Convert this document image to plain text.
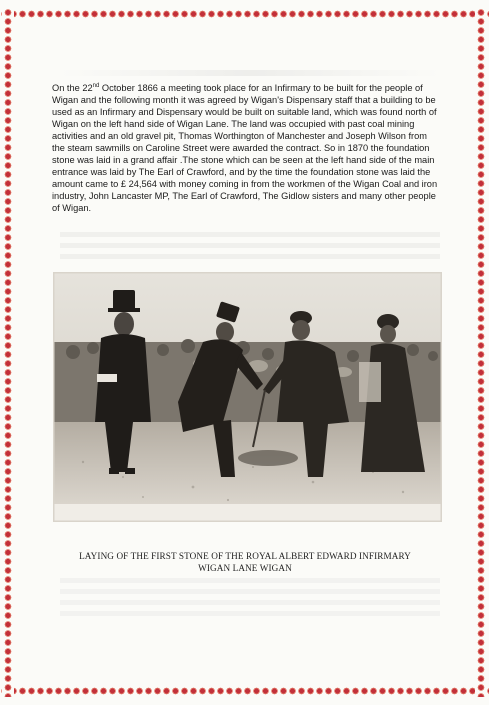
On the 22nd October 1866 a meeting took place for an Infirmary to be built for the people of Wigan and the following month it was agreed by Wigan's Dispensary staff that a building to be used as an Infirmary and Dispensary would be built on suitable land, which was found north of Wigan on the left hand side of Wigan Lane. The land was occupied with past coal mining activities and an old gravel pit, Thomas Worthington of Manchester and Joseph Wilson from the steam sawmills on Caroline Street were awarded the contract. So in 1870 the foundation stone was laid in a grand affair .The stone which can be seen at the left hand side of the main entrance was laid by The Earl of Crawford, and by the time the foundation stone was laid the amount came to £ 24,564 with money coming in from the workmen of the Wigan Coal and iron industry, John Lancaster MP, The Earl of Crawford, The Gidlow sisters and many other people of Wigan.

LAYING OF THE FIRST STONE OF THE ROYAL ALBERT EDWARD INFIRMARY
WIGAN LANE WIGAN
